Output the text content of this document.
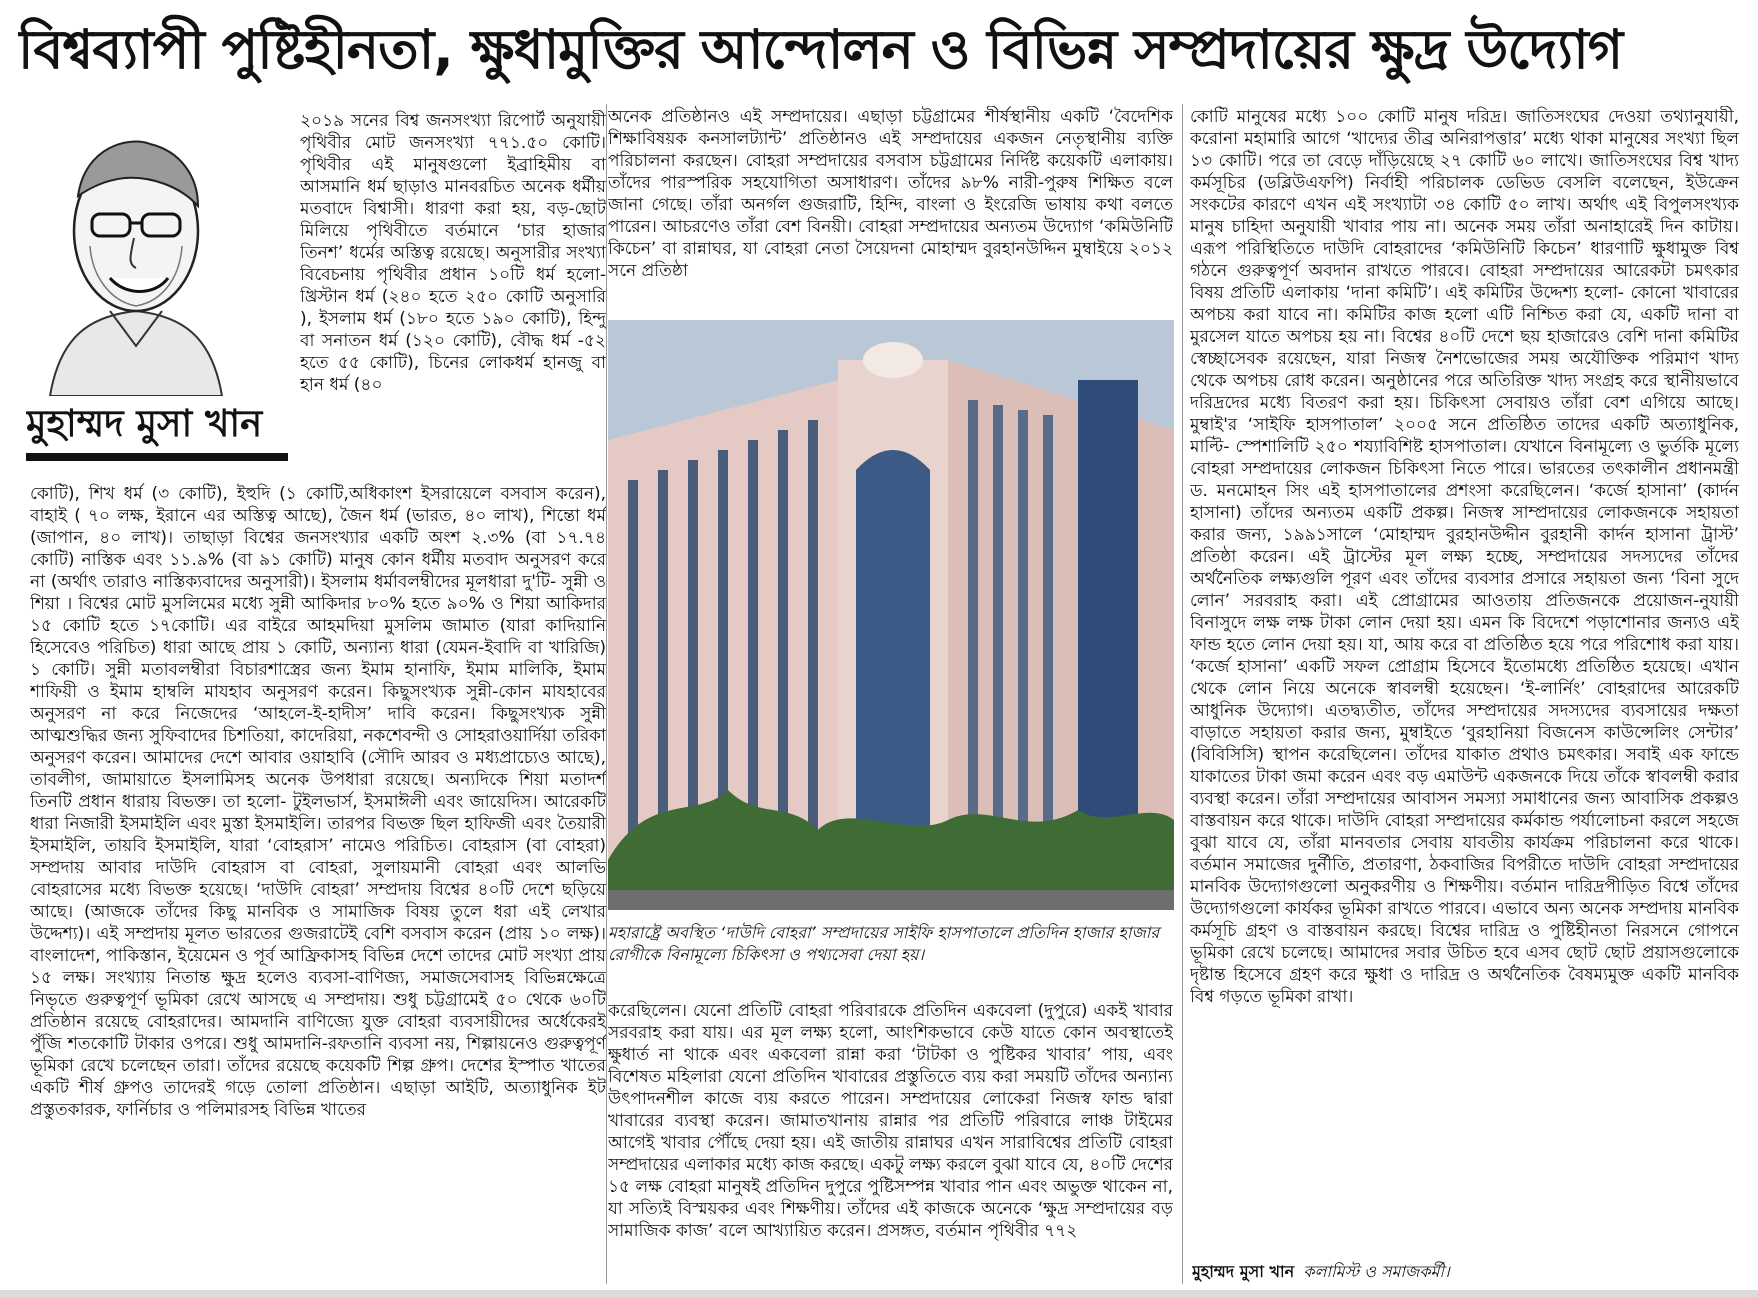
বিশ্বব্যাপী পুষ্টিহীনতা, ক্ষুধামুক্তির আন্দোলন ও বিভিন্ন সম্প্রদায়ের ক্ষুদ্র উদ্যোগ
মুহাম্মদ মুসা খান

২০১৯ সনের বিশ্ব জনসংখ্যা রিপোর্ট অনুযায়ী পৃথিবীর মোট জনসংখ্যা ৭৭১.৫০ কোটি। পৃথিবীর এই মানুষগুলো ইব্রাহিমীয় বা আসমানি ধর্ম ছাড়াও মানবরচিত অনেক ধর্মীয় মতবাদে বিশ্বাসী। ধারণা করা হয়, বড়-ছোট মিলিয়ে পৃথিবীতে বর্তমানে ‘চার হাজার তিনশ’ ধর্মের অস্তিত্ব রয়েছে। অনুসারীর সংখ্যা বিবেচনায় পৃথিবীর প্রধান ১০টি ধর্ম হলো- খ্রিস্টান ধর্ম (২৪০ হতে ২৫০ কোটি অনুসারি ), ইসলাম ধর্ম (১৮০ হতে ১৯০ কোটি), হিন্দু বা সনাতন ধর্ম (১২০ কোটি), বৌদ্ধ ধর্ম -৫২ হতে ৫৫ কোটি), চিনের লোকধর্ম হানজু বা হান ধর্ম (৪০

কোটি), শিখ ধর্ম (৩ কোটি), ইহুদি (১ কোটি,অধিকাংশ ইসরায়েলে বসবাস করেন), বাহাই ( ৭০ লক্ষ, ইরানে এর অস্তিত্ব আছে), জৈন ধর্ম (ভারত, ৪০ লাখ), শিন্তো ধর্ম (জাপান, ৪০ লাখ)। তাছাড়া বিশ্বের জনসংখ্যার একটি অংশ ২.৩% (বা ১৭.৭৪ কোটি) নাস্তিক এবং ১১.৯% (বা ৯১ কোটি) মানুষ কোন ধর্মীয় মতবাদ অনুসরণ করে না (অর্থাৎ তারাও নাস্তিক্যবাদের অনুসারী)। ইসলাম ধর্মাবলম্বীদের মূলধারা দু'টি- সুন্নী ও শিয়া । বিশ্বের মোট মুসলিমের মধ্যে সুন্নী আকিদার ৮০% হতে ৯০% ও শিয়া আকিদার ১৫ কোটি হতে ১৭কোটি। এর বাইরে আহমদিয়া মুসলিম জামাত (যারা কাদিয়ানি হিসেবেও পরিচিত) ধারা আছে প্রায় ১ কোটি, অন্যান্য ধারা (যেমন-ইবাদি বা খারিজি) ১ কোটি। সুন্নী মতাবলম্বীরা বিচারশাস্ত্রের জন্য ইমাম হানাফি, ইমাম মালিকি, ইমাম শাফিয়ী ও ইমাম হাম্বলি মাযহাব অনুসরণ করেন। কিছুসংখ্যক সুন্নী-কোন মাযহাবের অনুসরণ না করে নিজেদের ‘আহলে-ই-হাদীস’ দাবি করেন। কিছুসংখ্যক সুন্নী আত্মশুদ্ধির জন্য সুফিবাদের চিশতিয়া, কাদেরিয়া, নকশেবন্দী ও সোহরাওয়ার্দিয়া তরিকা অনুসরণ করেন। আমাদের দেশে আবার ওয়াহাবি (সৌদি আরব ও মধ্যপ্রাচ্যেও আছে), তাবলীগ, জামায়াতে ইসলামিসহ অনেক উপধারা রয়েছে। অন্যদিকে শিয়া মতাদর্শ তিনটি প্রধান ধারায় বিভক্ত। তা হলো- টুইলভার্স, ইসমাঈলী এবং জায়েদিস। আরেকটি ধারা নিজারী ইসমাইলি এবং মুস্তা ইসমাইলি। তারপর বিভক্ত ছিল হাফিজী এবং তৈয়ারী ইসমাইলি, তায়বি ইসমাইলি, যারা ‘বোহরাস’ নামেও পরিচিত। বোহরাস (বা বোহরা) সম্প্রদায় আবার দাউদি বোহরাস বা বোহরা, সুলায়মানী বোহরা এবং আলভি বোহরাসের মধ্যে বিভক্ত হয়েছে। ‘দাউদি বোহরা’ সম্প্রদায় বিশ্বের ৪০টি দেশে ছড়িয়ে আছে। (আজকে তাঁদের কিছু মানবিক ও সামাজিক বিষয় তুলে ধরা এই লেখার উদ্দেশ্য)। এই সম্প্রদায় মূলত ভারতের গুজরাটেই বেশি বসবাস করেন (প্রায় ১০ লক্ষ)। বাংলাদেশ, পাকিস্তান, ইয়েমেন ও পূর্ব আফ্রিকাসহ বিভিন্ন দেশে তাদের মোট সংখ্যা প্রায় ১৫ লক্ষ। সংখ্যায় নিতান্ত ক্ষুদ্র হলেও ব্যবসা-বাণিজ্য, সমাজসেবাসহ বিভিন্নক্ষেত্রে নিভৃতে গুরুত্বপূর্ণ ভূমিকা রেখে আসছে এ সম্প্রদায়। শুধু চট্টগ্রামেই ৫০ থেকে ৬০টি প্রতিষ্ঠান রয়েছে বোহরাদের। আমদানি বাণিজ্যে যুক্ত বোহরা ব্যবসায়ীদের অর্ধেকেরই পুঁজি শতকোটি টাকার ওপরে। শুধু আমদানি-রফতানি ব্যবসা নয়, শিল্পায়নেও গুরুত্বপূর্ণ ভূমিকা রেখে চলেছেন তারা। তাঁদের রয়েছে কয়েকটি শিল্প গ্রুপ। দেশের ইস্পাত খাতের একটি শীর্ষ গ্রুপও তাদেরই গড়ে তোলা প্রতিষ্ঠান। এছাড়া আইটি, অত্যাধুনিক ইট প্রস্তুতকারক, ফার্নিচার ও পলিমারসহ বিভিন্ন খাতের

অনেক প্রতিষ্ঠানও এই সম্প্রদায়ের। এছাড়া চট্টগ্রামের শীর্ষস্থানীয় একটি ‘বৈদেশিক শিক্ষাবিষয়ক কনসালট্যান্ট’ প্রতিষ্ঠানও এই সম্প্রদায়ের একজন নেতৃস্থানীয় ব্যক্তি পরিচালনা করছেন। বোহরা সম্প্রদায়ের বসবাস চট্টগ্রামের নির্দিষ্ট কয়েকটি এলাকায়। তাঁদের পারস্পরিক সহযোগিতা অসাধারণ। তাঁদের ৯৮% নারী-পুরুষ শিক্ষিত বলে জানা গেছে। তাঁরা অনর্গল গুজরাটি, হিন্দি, বাংলা ও ইংরেজি ভাষায় কথা বলতে পারেন। আচরণেও তাঁরা বেশ বিনয়ী। বোহরা সম্প্রদায়ের অন্যতম উদ্যোগ ‘কমিউনিটি কিচেন’ বা রান্নাঘর, যা বোহরা নেতা সৈয়েদনা মোহাম্মদ বুরহানউদ্দিন মুম্বাইয়ে ২০১২ সনে প্রতিষ্ঠা

মহারাষ্ট্রে অবস্থিত ‘দাউদি বোহরা’ সম্প্রদায়ের সাইফি হাসপাতালে প্রতিদিন হাজার হাজার রোগীকে বিনামূল্যে চিকিৎসা ও পথ্যসেবা দেয়া হয়।

করেছিলেন। যেনো প্রতিটি বোহরা পরিবারকে প্রতিদিন একবেলা (দুপুরে) একই খাবার সরবরাহ করা যায়। এর মূল লক্ষ্য হলো, আংশিকভাবে কেউ যাতে কোন অবস্থাতেই ক্ষুধার্ত না থাকে এবং একবেলা রান্না করা ‘টাটকা ও পুষ্টিকর খাবার’ পায়, এবং বিশেষত মহিলারা যেনো প্রতিদিন খাবারের প্রস্তুতিতে ব্যয় করা সময়টি তাঁদের অন্যান্য উৎপাদনশীল কাজে ব্যয় করতে পারেন। সম্প্রদায়ের লোকেরা নিজস্ব ফান্ড দ্বারা খাবারের ব্যবস্থা করেন। জামাতখানায় রান্নার পর প্রতিটি পরিবারে লাঞ্চ টাইমের আগেই খাবার পৌঁছে দেয়া হয়। এই জাতীয় রান্নাঘর এখন সারাবিশ্বের প্রতিটি বোহরা সম্প্রদায়ের এলাকার মধ্যে কাজ করছে। একটু লক্ষ্য করলে বুঝা যাবে যে, ৪০টি দেশের ১৫ লক্ষ বোহরা মানুষই প্রতিদিন দুপুরে পুষ্টিসম্পন্ন খাবার পান এবং অভুক্ত থাকেন না, যা সত্যিই বিস্ময়কর এবং শিক্ষণীয়। তাঁদের এই কাজকে অনেকে ‘ক্ষুদ্র সম্প্রদায়ের বড় সামাজিক কাজ’ বলে আখ্যায়িত করেন। প্রসঙ্গত, বর্তমান পৃথিবীর ৭৭২

কোটি মানুষের মধ্যে ১০০ কোটি মানুষ দরিদ্র। জাতিসংঘের দেওয়া তথ্যানুযায়ী, করোনা মহামারি আগে ‘খাদ্যের তীব্র অনিরাপত্তার’ মধ্যে থাকা মানুষের সংখ্যা ছিল ১৩ কোটি। পরে তা বেড়ে দাঁড়িয়েছে ২৭ কোটি ৬০ লাখে। জাতিসংঘের বিশ্ব খাদ্য কর্মসূচির (ডব্লিউএফপি) নির্বাহী পরিচালক ডেভিড বেসলি বলেছেন, ইউক্রেন সংকটের কারণে এখন এই সংখ্যাটা ৩৪ কোটি ৫০ লাখ। অর্থাৎ এই বিপুলসংখ্যক মানুষ চাহিদা অনুযায়ী খাবার পায় না। অনেক সময় তাঁরা অনাহারেই দিন কাটায়। এরূপ পরিস্থিতিতে দাউদি বোহরাদের ‘কমিউনিটি কিচেন’ ধারণাটি ক্ষুধামুক্ত বিশ্ব গঠনে গুরুত্বপূর্ণ অবদান রাখতে পারবে। বোহরা সম্প্রদায়ের আরেকটা চমৎকার বিষয় প্রতিটি এলাকায় ‘দানা কমিটি’। এই কমিটির উদ্দেশ্য হলো- কোনো খাবারের অপচয় করা যাবে না। কমিটির কাজ হলো এটি নিশ্চিত করা যে, একটি দানা বা মুরসেল যাতে অপচয় হয় না। বিশ্বের ৪০টি দেশে ছয় হাজারেও বেশি দানা কমিটির স্বেচ্ছাসেবক রয়েছেন, যারা নিজস্ব নৈশভোজের সময় অযৌক্তিক পরিমাণ খাদ্য থেকে অপচয় রোধ করেন। অনুষ্ঠানের পরে অতিরিক্ত খাদ্য সংগ্রহ করে স্থানীয়ভাবে দরিদ্রদের মধ্যে বিতরণ করা হয়। চিকিৎসা সেবায়ও তাঁরা বেশ এগিয়ে আছে। মুম্বাই'র ‘সাইফি হাসপাতাল’ ২০০৫ সনে প্রতিষ্ঠিত তাদের একটি অত্যাধুনিক, মাল্টি- স্পেশালিটি ২৫০ শয্যাবিশিষ্ট হাসপাতাল। যেখানে বিনামূল্যে ও ভুর্তকি মূল্যে বোহরা সম্প্রদায়ের লোকজন চিকিৎসা নিতে পারে। ভারতের তৎকালীন প্রধানমন্ত্রী ড. মনমোহন সিং এই হাসপাতালের প্রশংসা করেছিলেন। ‘কর্জে হাসানা’ (কার্দন হাসানা) তাঁদের অন্যতম একটি প্রকল্প। নিজস্ব সাম্প্রদায়ের লোকজনকে সহায়তা করার জন্য, ১৯৯১সালে ‘মোহাম্মদ বুরহানউদ্দীন বুরহানী কার্দন হাসানা ট্রাস্ট’ প্রতিষ্ঠা করেন। এই ট্রাস্টের মূল লক্ষ্য হচ্ছে, সম্প্রদায়ের সদস্যদের তাঁদের অর্থনৈতিক লক্ষ্যগুলি পূরণ এবং তাঁদের ব্যবসার প্রসারে সহায়তা জন্য ‘বিনা সুদে লোন’ সরবরাহ করা। এই প্রোগ্রামের আওতায় প্রতিজনকে প্রয়োজন-নুযায়ী বিনাসুদে লক্ষ লক্ষ টাকা লোন দেয়া হয়। এমন কি বিদেশে পড়াশোনার জন্যও এই ফান্ড হতে লোন দেয়া হয়। যা, আয় করে বা প্রতিষ্ঠিত হয়ে পরে পরিশোধ করা যায়। ‘কর্জে হাসানা’ একটি সফল প্রোগ্রাম হিসেবে ইতোমধ্যে প্রতিষ্ঠিত হয়েছে। এখান থেকে লোন নিয়ে অনেকে স্বাবলম্বী হয়েছেন। ‘ই-লার্নিং’ বোহরাদের আরেকটি আধুনিক উদ্যোগ। এতদ্ব্যতীত, তাঁদের সম্প্রদায়ের সদস্যদের ব্যবসায়ের দক্ষতা বাড়াতে সহায়তা করার জন্য, মুম্বাইতে ‘বুরহানিয়া বিজনেস কাউন্সেলিং সেন্টার’ (বিবিসিসি) স্থাপন করেছিলেন। তাঁদের যাকাত প্রথাও চমৎকার। সবাই এক ফান্ডে যাকাতের টাকা জমা করেন এবং বড় এমাউন্ট একজনকে দিয়ে তাঁকে স্বাবলম্বী করার ব্যবস্থা করেন। তাঁরা সম্প্রদায়ের আবাসন সমস্যা সমাধানের জন্য আবাসিক প্রকল্পও বাস্তবায়ন করে থাকে। দাউদি বোহরা সম্প্রদায়ের কর্মকান্ড পর্যালোচনা করলে সহজে বুঝা যাবে যে, তাঁরা মানবতার সেবায় যাবতীয় কার্যক্রম পরিচালনা করে থাকে। বর্তমান সমাজের দুর্নীতি, প্রতারণা, ঠকবাজির বিপরীতে দাউদি বোহরা সম্প্রদায়ের মানবিক উদ্যোগগুলো অনুকরণীয় ও শিক্ষণীয়। বর্তমান দারিদ্রপীড়িত বিশ্বে তাঁদের উদ্যোগগুলো কার্যকর ভূমিকা রাখতে পারবে। এভাবে অন্য অনেক সম্প্রদায় মানবিক কর্মসূচি গ্রহণ ও বাস্তবায়ন করছে। বিশ্বের দারিদ্র ও পুষ্টিহীনতা নিরসনে গোপনে ভূমিকা রেখে চলেছে। আমাদের সবার উচিত হবে এসব ছোট ছোট প্রয়াসগুলোকে দৃষ্টান্ত হিসেবে গ্রহণ করে ক্ষুধা ও দারিদ্র ও অর্থনৈতিক বৈষম্যমুক্ত একটি মানবিক বিশ্ব গড়তে ভূমিকা রাখা।

মুহাম্মদ মুসা খান কলামিস্ট ও সমাজকর্মী।
